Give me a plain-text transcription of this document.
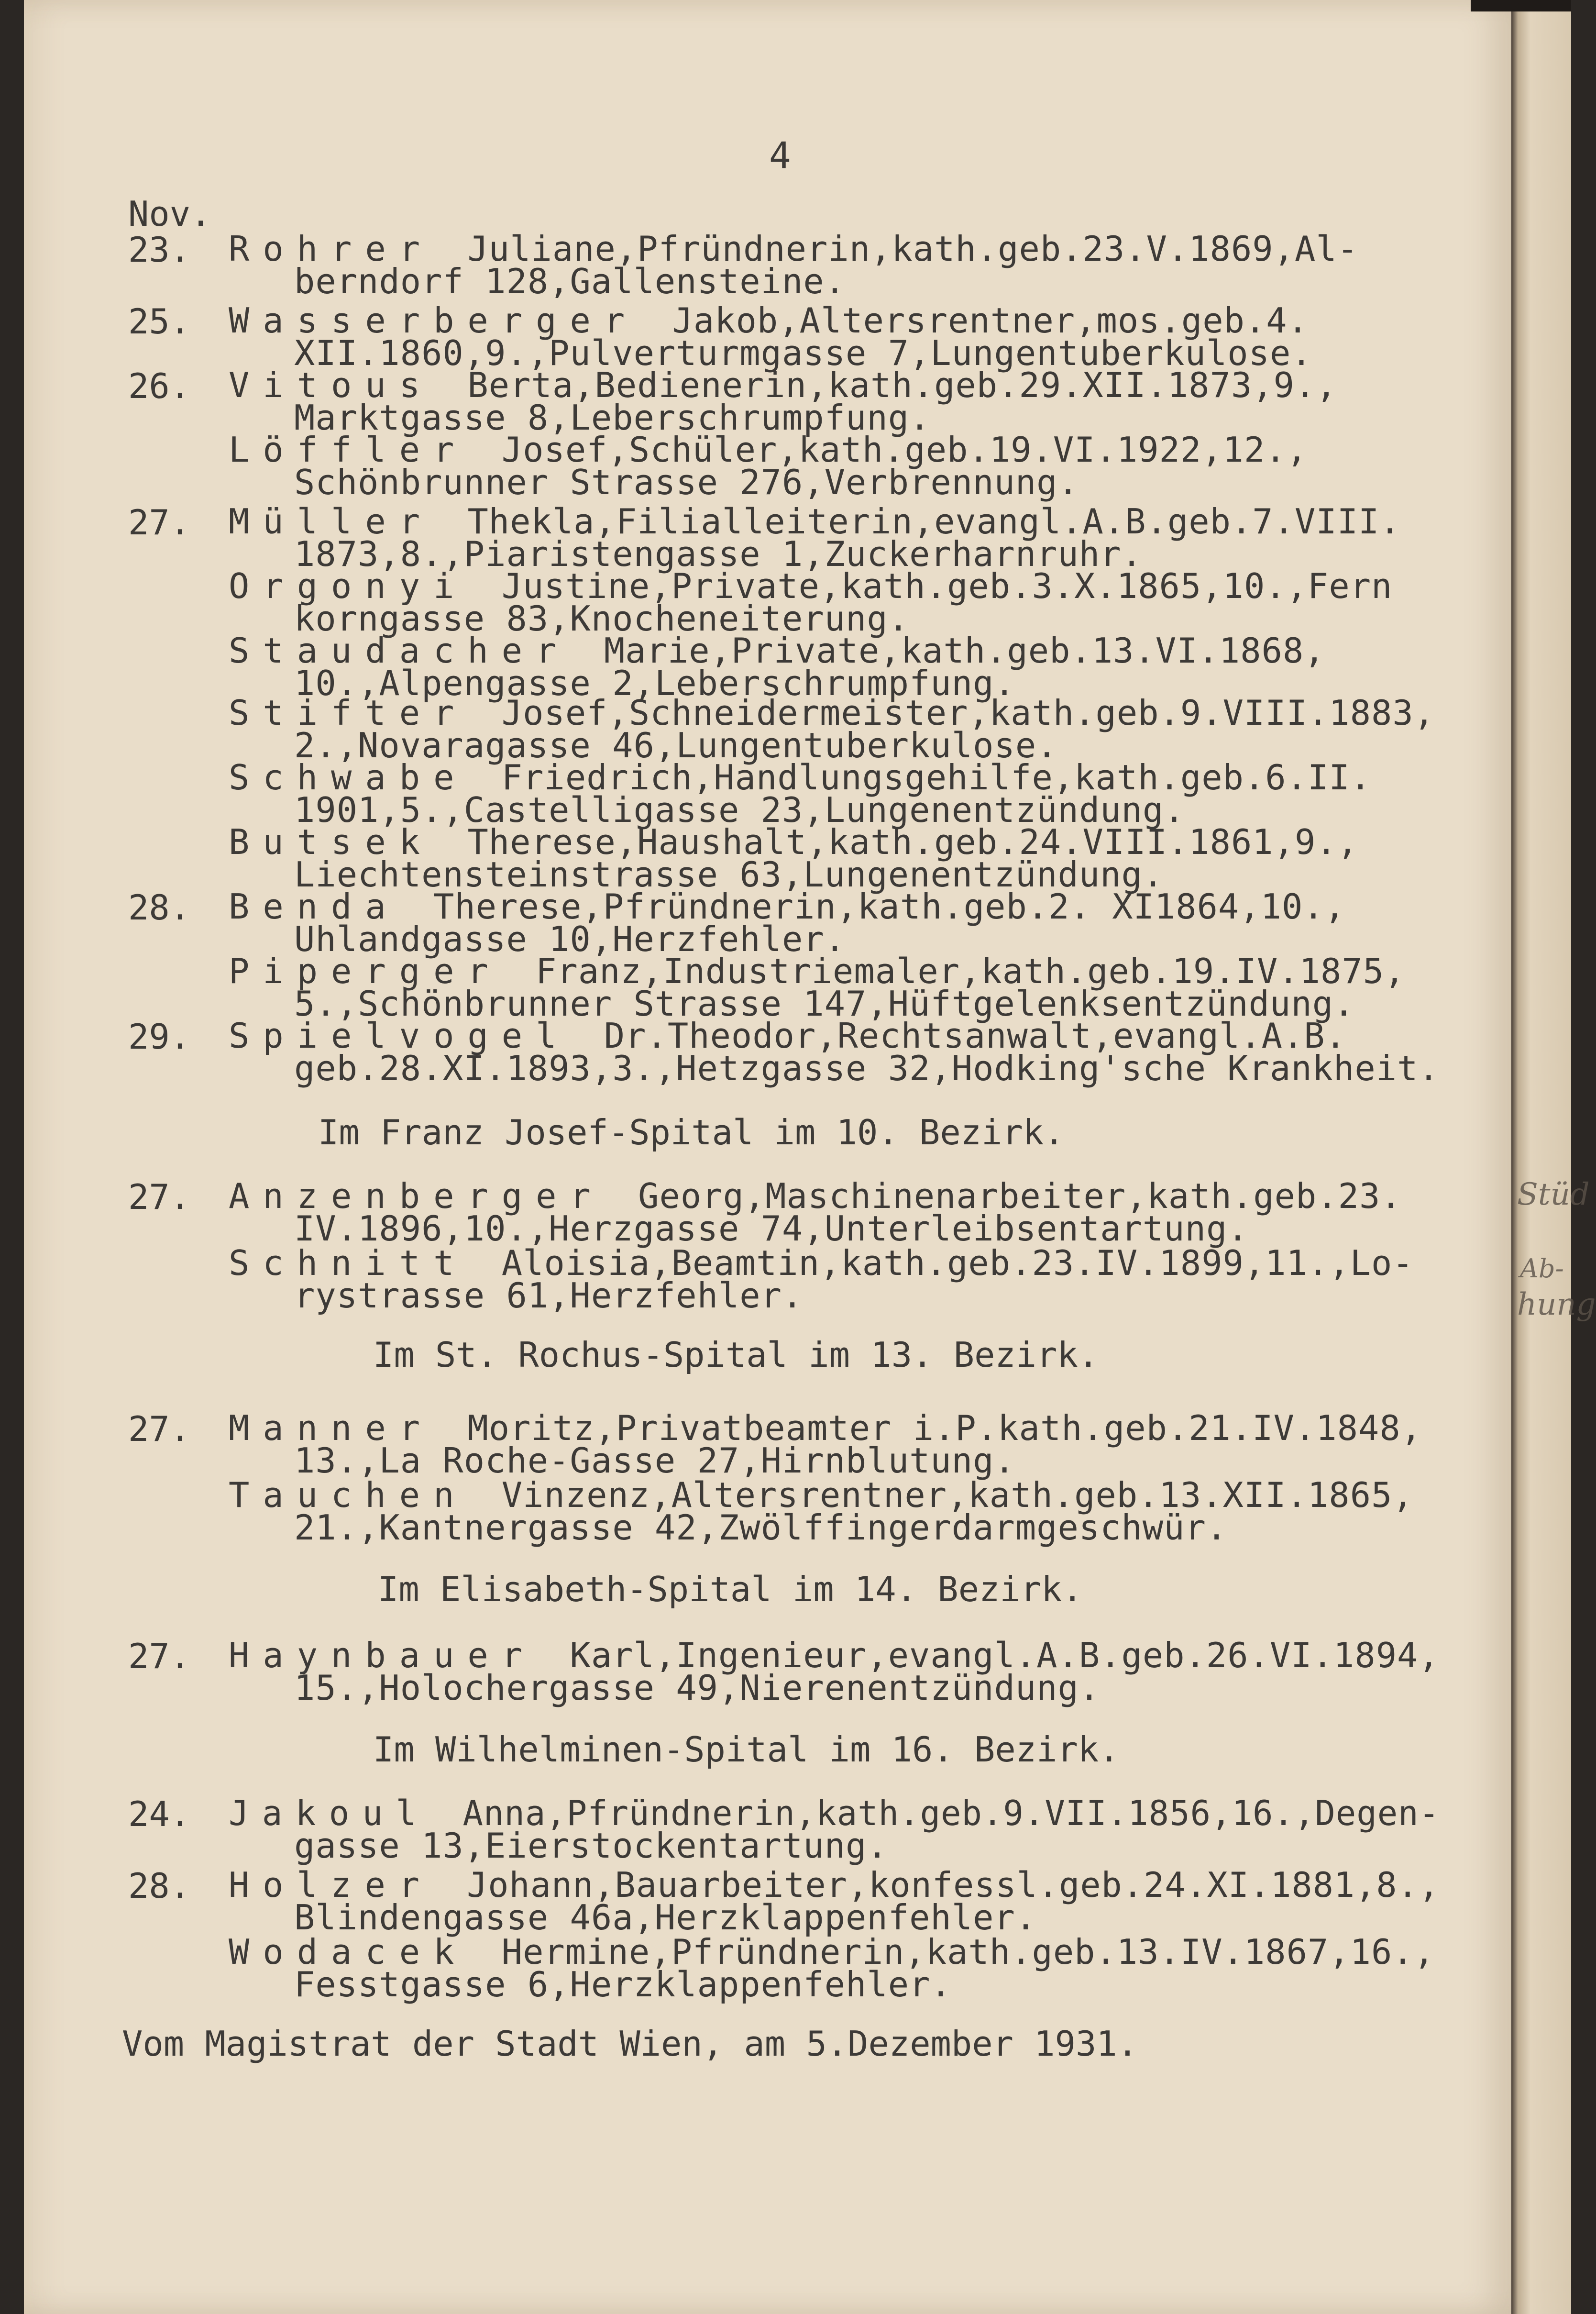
4
Nov.
23. Rohrer Juliane,Pfründnerin,kath.geb.23.V.1869,Al-
berndorf 128,Gallensteine.
25. Wasserberger Jakob,Altersrentner,mos.geb.4.
XII.1860,9.,Pulverturmgasse 7,Lungentuberkulose.
26. Vitous Berta,Bedienerin,kath.geb.29.XII.1873,9.,
Marktgasse 8,Leberschrumpfung.
Löffler Josef,Schüler,kath.geb.19.VI.1922,12.,
Schönbrunner Strasse 276,Verbrennung.
27. Müller Thekla,Filialleiterin,evangl.A.B.geb.7.VIII.
1873,8.,Piaristengasse 1,Zuckerharnruhr.
Orgonyi Justine,Private,kath.geb.3.X.1865,10.,Fern
korngasse 83,Knocheneiterung.
Staudacher Marie,Private,kath.geb.13.VI.1868,
10.,Alpengasse 2,Leberschrumpfung.
Stifter Josef,Schneidermeister,kath.geb.9.VIII.1883,
2.,Novaragasse 46,Lungentuberkulose.
Schwabe Friedrich,Handlungsgehilfe,kath.geb.6.II.
1901,5.,Castelligasse 23,Lungenentzündung.
Butsek Therese,Haushalt,kath.geb.24.VIII.1861,9.,
Liechtensteinstrasse 63,Lungenentzündung.
28. Benda Therese,Pfründnerin,kath.geb.2. XI1864,10.,
Uhlandgasse 10,Herzfehler.
Piperger Franz,Industriemaler,kath.geb.19.IV.1875,
5.,Schönbrunner Strasse 147,Hüftgelenksentzündung.
29. Spielvogel Dr.Theodor,Rechtsanwalt,evangl.A.B.
geb.28.XI.1893,3.,Hetzgasse 32,Hodking'sche Krankheit.
27. Anzenberger Georg,Maschinenarbeiter,kath.geb.23.
IV.1896,10.,Herzgasse 74,Unterleibsentartung.
Schnitt Aloisia,Beamtin,kath.geb.23.IV.1899,11.,Lo-
rystrasse 61,Herzfehler.
27. Manner Moritz,Privatbeamter i.P.kath.geb.21.IV.1848,
13.,La Roche-Gasse 27,Hirnblutung.
Tauchen Vinzenz,Altersrentner,kath.geb.13.XII.1865,
21.,Kantnergasse 42,Zwölffingerdarmgeschwür.
27. Haynbauer Karl,Ingenieur,evangl.A.B.geb.26.VI.1894,
15.,Holochergasse 49,Nierenentzündung.
24. Jakoul Anna,Pfründnerin,kath.geb.9.VII.1856,16.,Degen-
gasse 13,Eierstockentartung.
28. Holzer Johann,Bauarbeiter,konfessl.geb.24.XI.1881,8.,
Blindengasse 46a,Herzklappenfehler.
Wodacek Hermine,Pfründnerin,kath.geb.13.IV.1867,16.,
Fesstgasse 6,Herzklappenfehler.
Im Franz Josef-Spital im 10. Bezirk.
Im St. Rochus-Spital im 13. Bezirk.
Im Elisabeth-Spital im 14. Bezirk.
Im Wilhelminen-Spital im 16. Bezirk.
Vom Magistrat der Stadt Wien, am 5.Dezember 1931.
Stüd
Ab-
hung
